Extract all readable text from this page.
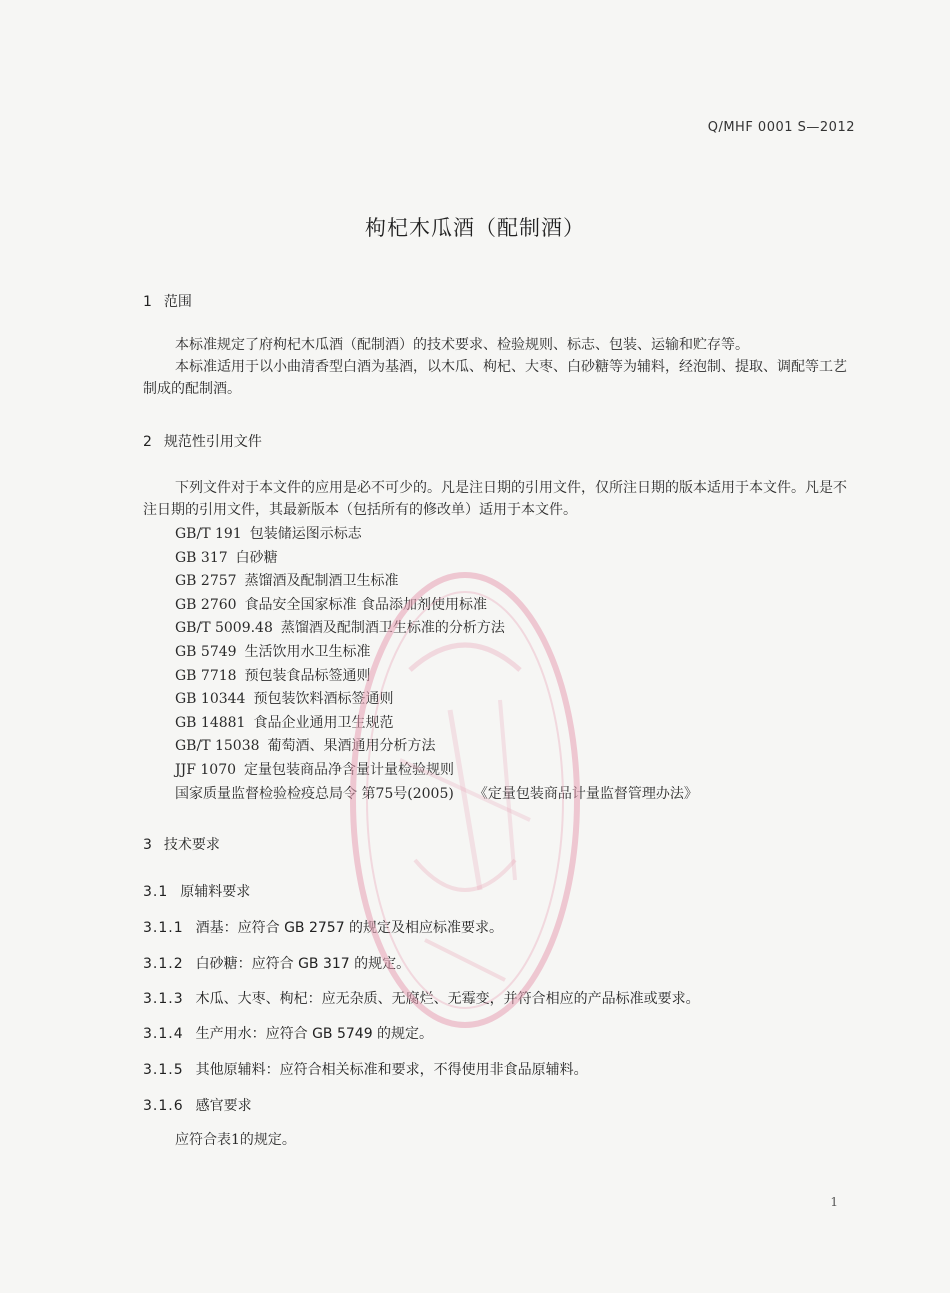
Q/MHF 0001 S—2012
枸杞木瓜酒（配制酒）
1 范围
本标准规定了府枸杞木瓜酒（配制酒）的技术要求、检验规则、标志、包装、运输和贮存等。
本标准适用于以小曲清香型白酒为基酒，以木瓜、枸杞、大枣、白砂糖等为辅料，经泡制、提取、调配等工艺制成的配制酒。
2 规范性引用文件
下列文件对于本文件的应用是必不可少的。凡是注日期的引用文件，仅所注日期的版本适用于本文件。凡是不注日期的引用文件，其最新版本（包括所有的修改单）适用于本文件。
GB/T 191 包装储运图示标志
GB 317 白砂糖
GB 2757 蒸馏酒及配制酒卫生标准
GB 2760 食品安全国家标准 食品添加剂使用标准
GB/T 5009.48 蒸馏酒及配制酒卫生标准的分析方法
GB 5749 生活饮用水卫生标准
GB 7718 预包装食品标签通则
GB 10344 预包装饮料酒标签通则
GB 14881 食品企业通用卫生规范
GB/T 15038 葡萄酒、果酒通用分析方法
JJF 1070 定量包装商品净含量计量检验规则
国家质量监督检验检疫总局令 第75号(2005) 《定量包装商品计量监督管理办法》
3 技术要求
3.1 原辅料要求
3.1.1 酒基：应符合 GB 2757 的规定及相应标准要求。
3.1.2 白砂糖：应符合 GB 317 的规定。
3.1.3 木瓜、大枣、枸杞：应无杂质、无腐烂、无霉变，并符合相应的产品标准或要求。
3.1.4 生产用水：应符合 GB 5749 的规定。
3.1.5 其他原辅料：应符合相关标准和要求，不得使用非食品原辅料。
3.1.6 感官要求
应符合表1的规定。
1
